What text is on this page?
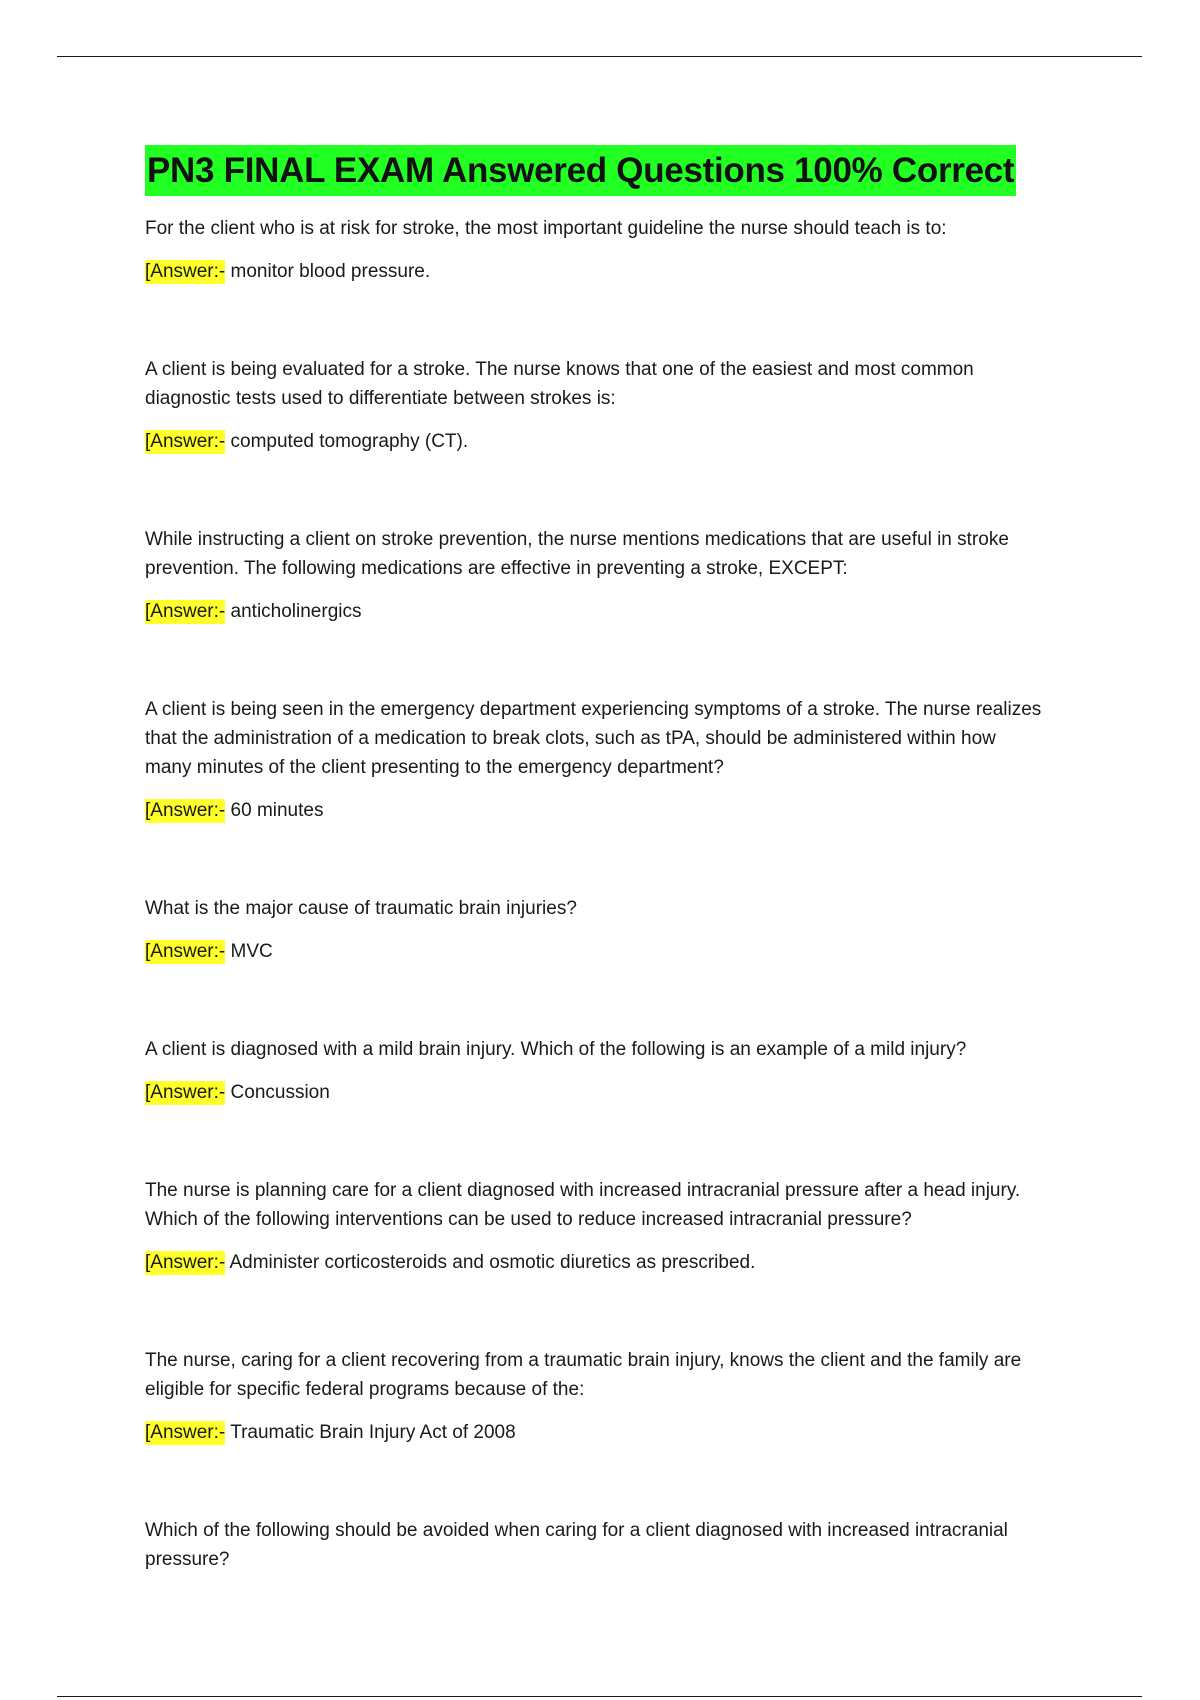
PN3 FINAL EXAM Answered Questions 100% Correct

For the client who is at risk for stroke, the most important guideline the nurse should teach is to:

[Answer:- monitor blood pressure.

A client is being evaluated for a stroke. The nurse knows that one of the easiest and most common diagnostic tests used to differentiate between strokes is:

[Answer:- computed tomography (CT).

While instructing a client on stroke prevention, the nurse mentions medications that are useful in stroke prevention. The following medications are effective in preventing a stroke, EXCEPT:

[Answer:- anticholinergics

A client is being seen in the emergency department experiencing symptoms of a stroke. The nurse realizes that the administration of a medication to break clots, such as tPA, should be administered within how many minutes of the client presenting to the emergency department?

[Answer:- 60 minutes

What is the major cause of traumatic brain injuries?

[Answer:- MVC

A client is diagnosed with a mild brain injury. Which of the following is an example of a mild injury?

[Answer:- Concussion

The nurse is planning care for a client diagnosed with increased intracranial pressure after a head injury. Which of the following interventions can be used to reduce increased intracranial pressure?

[Answer:- Administer corticosteroids and osmotic diuretics as prescribed.

The nurse, caring for a client recovering from a traumatic brain injury, knows the client and the family are eligible for specific federal programs because of the:

[Answer:- Traumatic Brain Injury Act of 2008

Which of the following should be avoided when caring for a client diagnosed with increased intracranial pressure?
